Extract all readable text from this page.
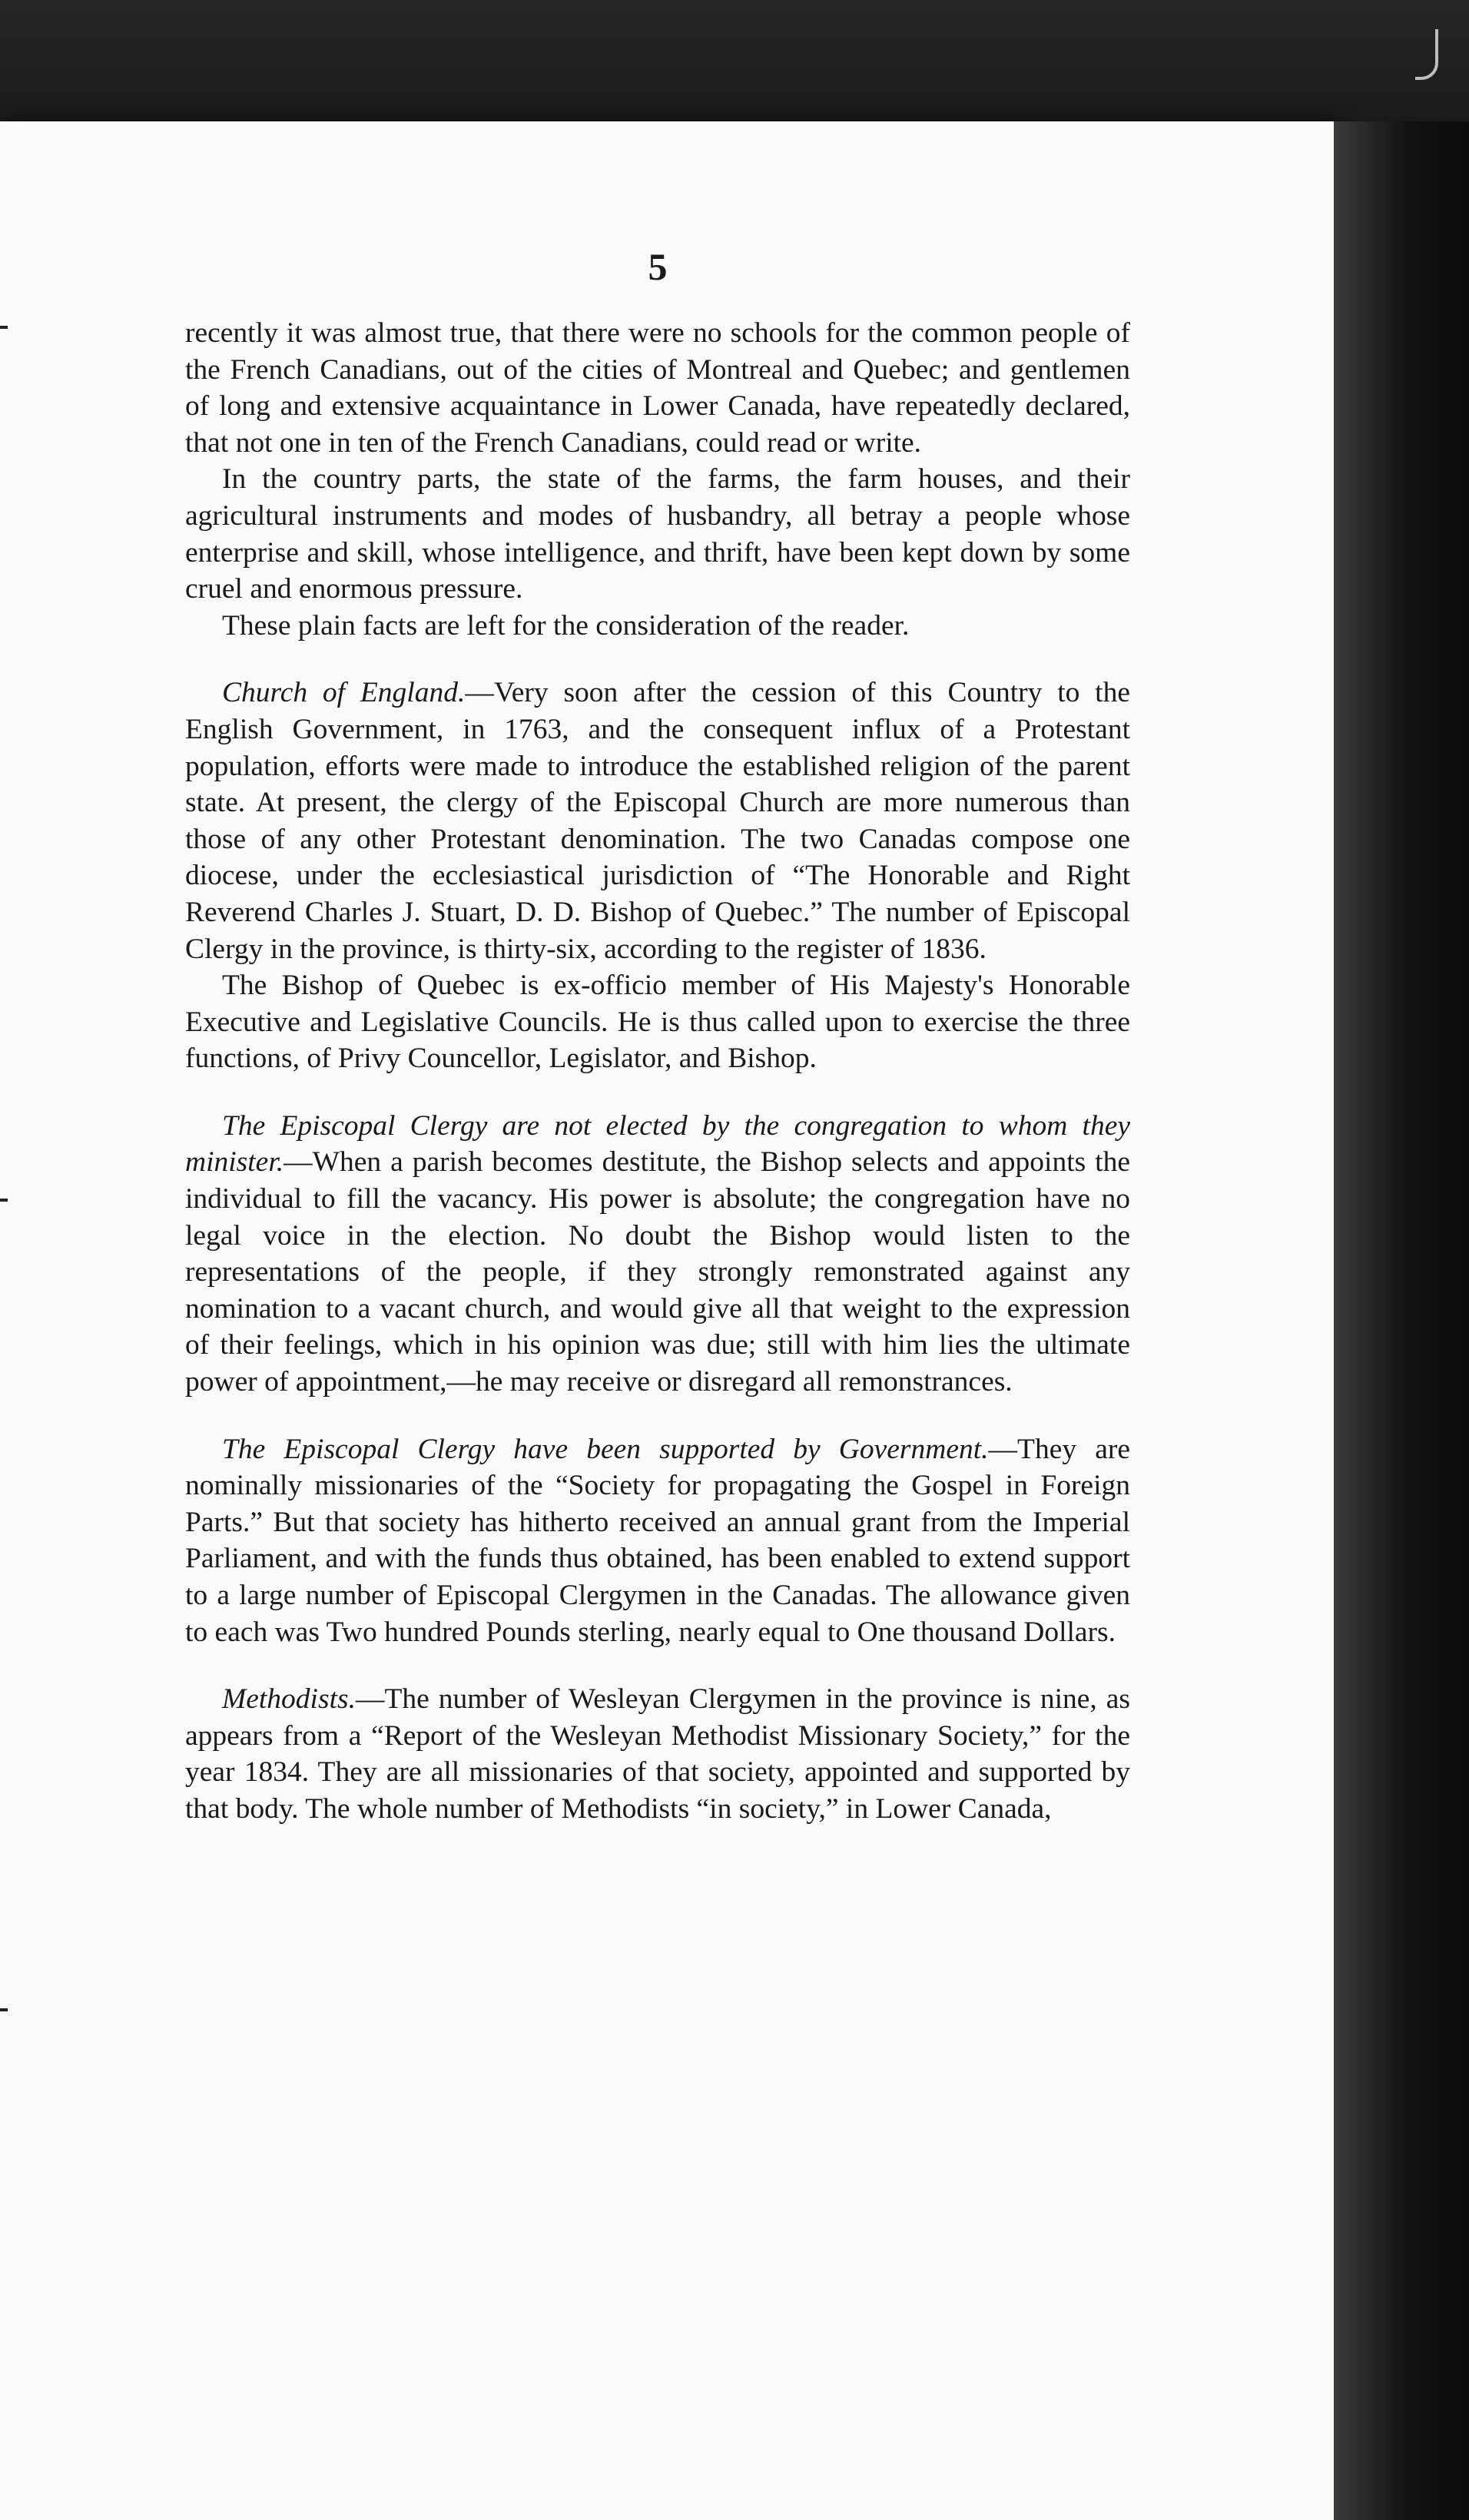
5

recently it was almost true, that there were no schools for the common people of the French Canadians, out of the cities of Montreal and Quebec; and gentlemen of long and extensive acquaintance in Lower Canada, have repeatedly declared, that not one in ten of the French Canadians, could read or write.

In the country parts, the state of the farms, the farm houses, and their agricultural instruments and modes of husbandry, all betray a people whose enterprise and skill, whose intelligence, and thrift, have been kept down by some cruel and enormous pressure.

These plain facts are left for the consideration of the reader.

Church of England.—Very soon after the cession of this Country to the English Government, in 1763, and the consequent influx of a Protestant population, efforts were made to introduce the established religion of the parent state. At present, the clergy of the Episcopal Church are more numerous than those of any other Protestant denomination. The two Canadas compose one diocese, under the ecclesiastical jurisdiction of “The Honorable and Right Reverend Charles J. Stuart, D. D. Bishop of Quebec.” The number of Episcopal Clergy in the province, is thirty-six, according to the register of 1836.

The Bishop of Quebec is ex-officio member of His Majesty's Honorable Executive and Legislative Councils. He is thus called upon to exercise the three functions, of Privy Councellor, Legislator, and Bishop.

The Episcopal Clergy are not elected by the congregation to whom they minister.—When a parish becomes destitute, the Bishop selects and appoints the individual to fill the vacancy. His power is absolute; the congregation have no legal voice in the election. No doubt the Bishop would listen to the representations of the people, if they strongly remonstrated against any nomination to a vacant church, and would give all that weight to the expression of their feelings, which in his opinion was due; still with him lies the ultimate power of appointment,—he may receive or disregard all remonstrances.

The Episcopal Clergy have been supported by Government.—They are nominally missionaries of the “Society for propagating the Gospel in Foreign Parts.” But that society has hitherto received an annual grant from the Imperial Parliament, and with the funds thus obtained, has been enabled to extend support to a large number of Episcopal Clergymen in the Canadas. The allowance given to each was Two hundred Pounds sterling, nearly equal to One thousand Dollars.

Methodists.—The number of Wesleyan Clergymen in the province is nine, as appears from a “Report of the Wesleyan Methodist Missionary Society,” for the year 1834. They are all missionaries of that society, appointed and supported by that body. The whole number of Methodists “in society,” in Lower Canada,
